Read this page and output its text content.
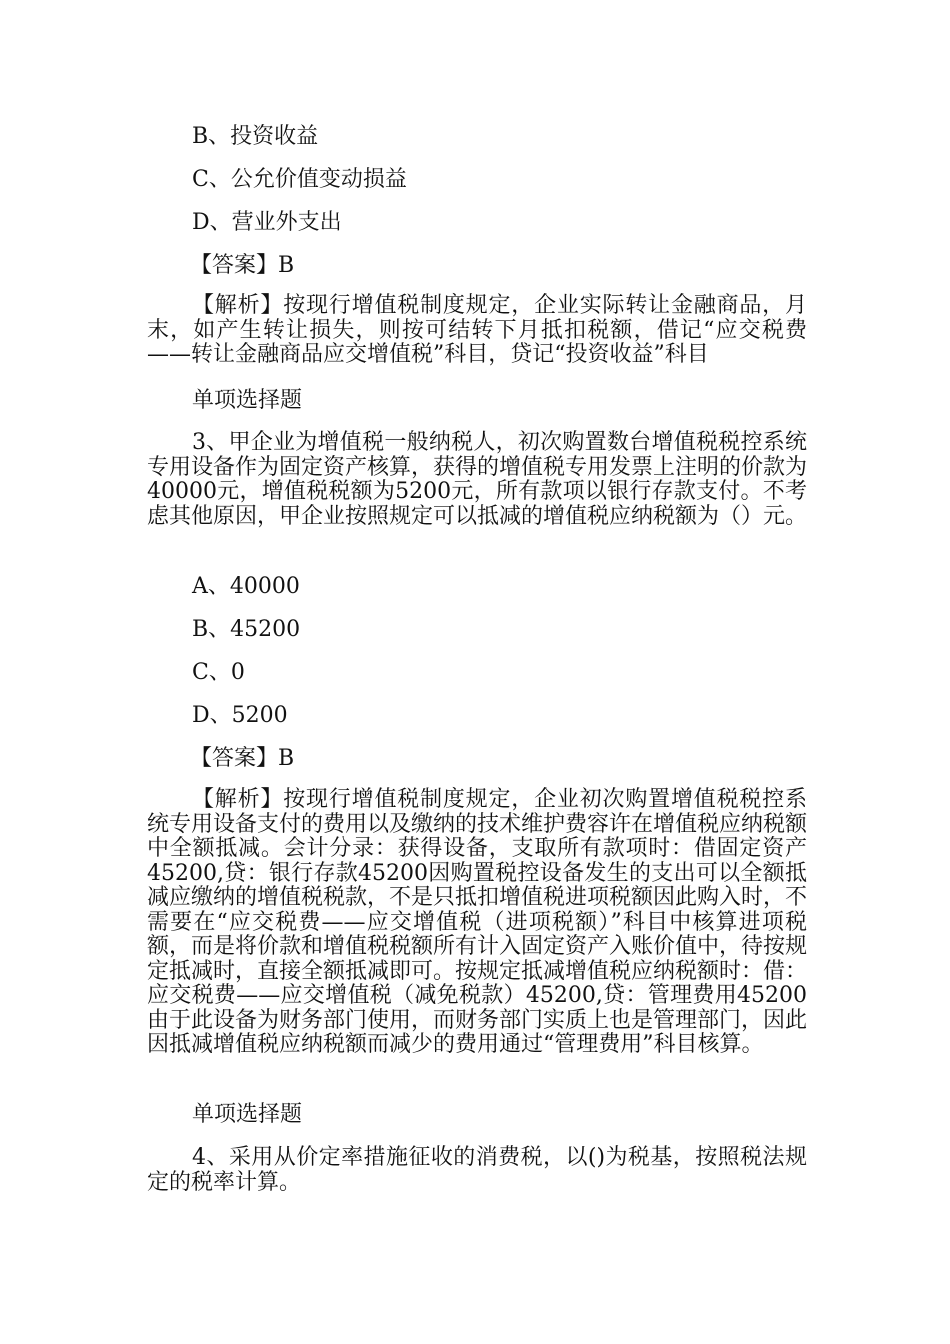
B、投资收益

C、公允价值变动损益

D、营业外支出

【答案】B

【解析】按现行增值税制度规定，企业实际转让金融商品，月末，如产生转让损失，则按可结转下月抵扣税额，借记“应交税费——转让金融商品应交增值税”科目，贷记“投资收益”科目

单项选择题

3、甲企业为增值税一般纳税人，初次购置数台增值税税控系统专用设备作为固定资产核算，获得的增值税专用发票上注明的价款为40000元，增值税税额为5200元，所有款项以银行存款支付。不考虑其他原因，甲企业按照规定可以抵减的增值税应纳税额为（）元。

A、40000

B、45200

C、0

D、5200

【答案】B

【解析】按现行增值税制度规定，企业初次购置增值税税控系统专用设备支付的费用以及缴纳的技术维护费容许在增值税应纳税额中全额抵减。会计分录：获得设备，支取所有款项时：借固定资产45200,贷：银行存款45200因购置税控设备发生的支出可以全额抵减应缴纳的增值税税款，不是只抵扣增值税进项税额因此购入时，不需要在“应交税费——应交增值税（进项税额）”科目中核算进项税额，而是将价款和增值税税额所有计入固定资产入账价值中，待按规定抵减时，直接全额抵减即可。按规定抵减增值税应纳税额时：借：应交税费——应交增值税（减免税款）45200,贷：管理费用45200由于此设备为财务部门使用，而财务部门实质上也是管理部门，因此因抵减增值税应纳税额而减少的费用通过“管理费用”科目核算。

单项选择题

4、采用从价定率措施征收的消费税，以()为税基，按照税法规定的税率计算。
